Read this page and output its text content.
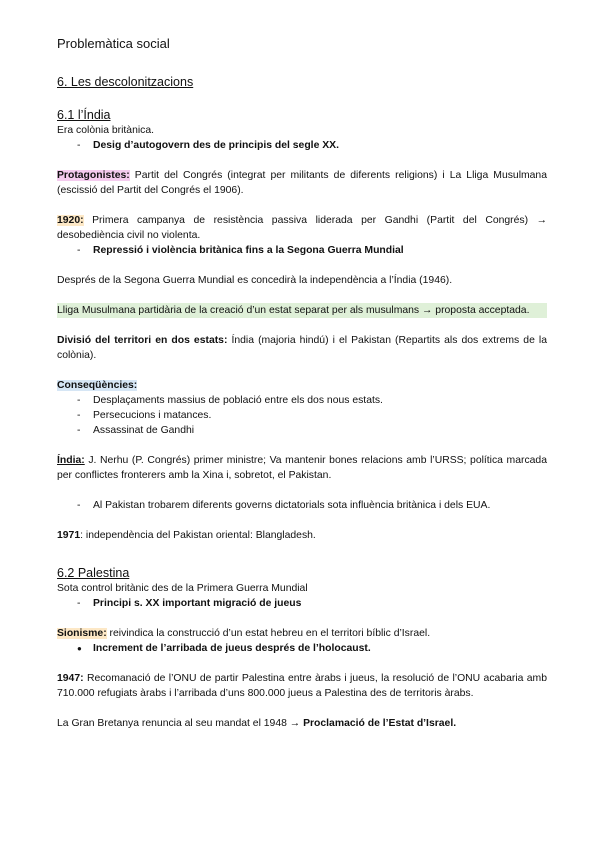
Problemàtica social
6. Les descolonitzacions
6.1 l’Índia

Era colònia britànica.

- Desig d’autogovern des de principis del segle XX.

Protagonistes: Partit del Congrés (integrat per militants de diferents religions) i La Lliga Musulmana (escissió del Partit del Congrés el 1906).

1920: Primera campanya de resistència passiva liderada per Gandhi (Partit del Congrés) → desobediència civil no violenta.

- Repressió i violència britànica fins a la Segona Guerra Mundial

Després de la Segona Guerra Mundial es concedirà la independència a l’Índia (1946).

Lliga Musulmana partidària de la creació d’un estat separat per als musulmans → proposta acceptada.

Divisió del territori en dos estats: Índia (majoria hindú) i el Pakistan (Repartits als dos extrems de la colònia).

Conseqüències:

- Desplaçaments massius de població entre els dos nous estats.
- Persecucions i matances.
- Assassinat de Gandhi

Índia: J. Nerhu (P. Congrés) primer ministre; Va mantenir bones relacions amb l’URSS; política marcada per conflictes fronterers amb la Xina i, sobretot, el Pakistan.

- Al Pakistan trobarem diferents governs dictatorials sota influència britànica i dels EUA.

1971: independència del Pakistan oriental: Blangladesh.

6.2 Palestina

Sota control britànic des de la Primera Guerra Mundial

- Principi s. XX important migració de jueus

Sionisme: reivindica la construcció d’un estat hebreu en el territori bíblic d’Israel.

● Increment de l’arribada de jueus després de l’holocaust.

1947: Recomanació de l’ONU de partir Palestina entre àrabs i jueus, la resolució de l’ONU acabaria amb 710.000 refugiats àrabs i l’arribada d’uns 800.000 jueus a Palestina des de territoris àrabs.

La Gran Bretanya renuncia al seu mandat el 1948 → Proclamació de l’Estat d’Israel.
